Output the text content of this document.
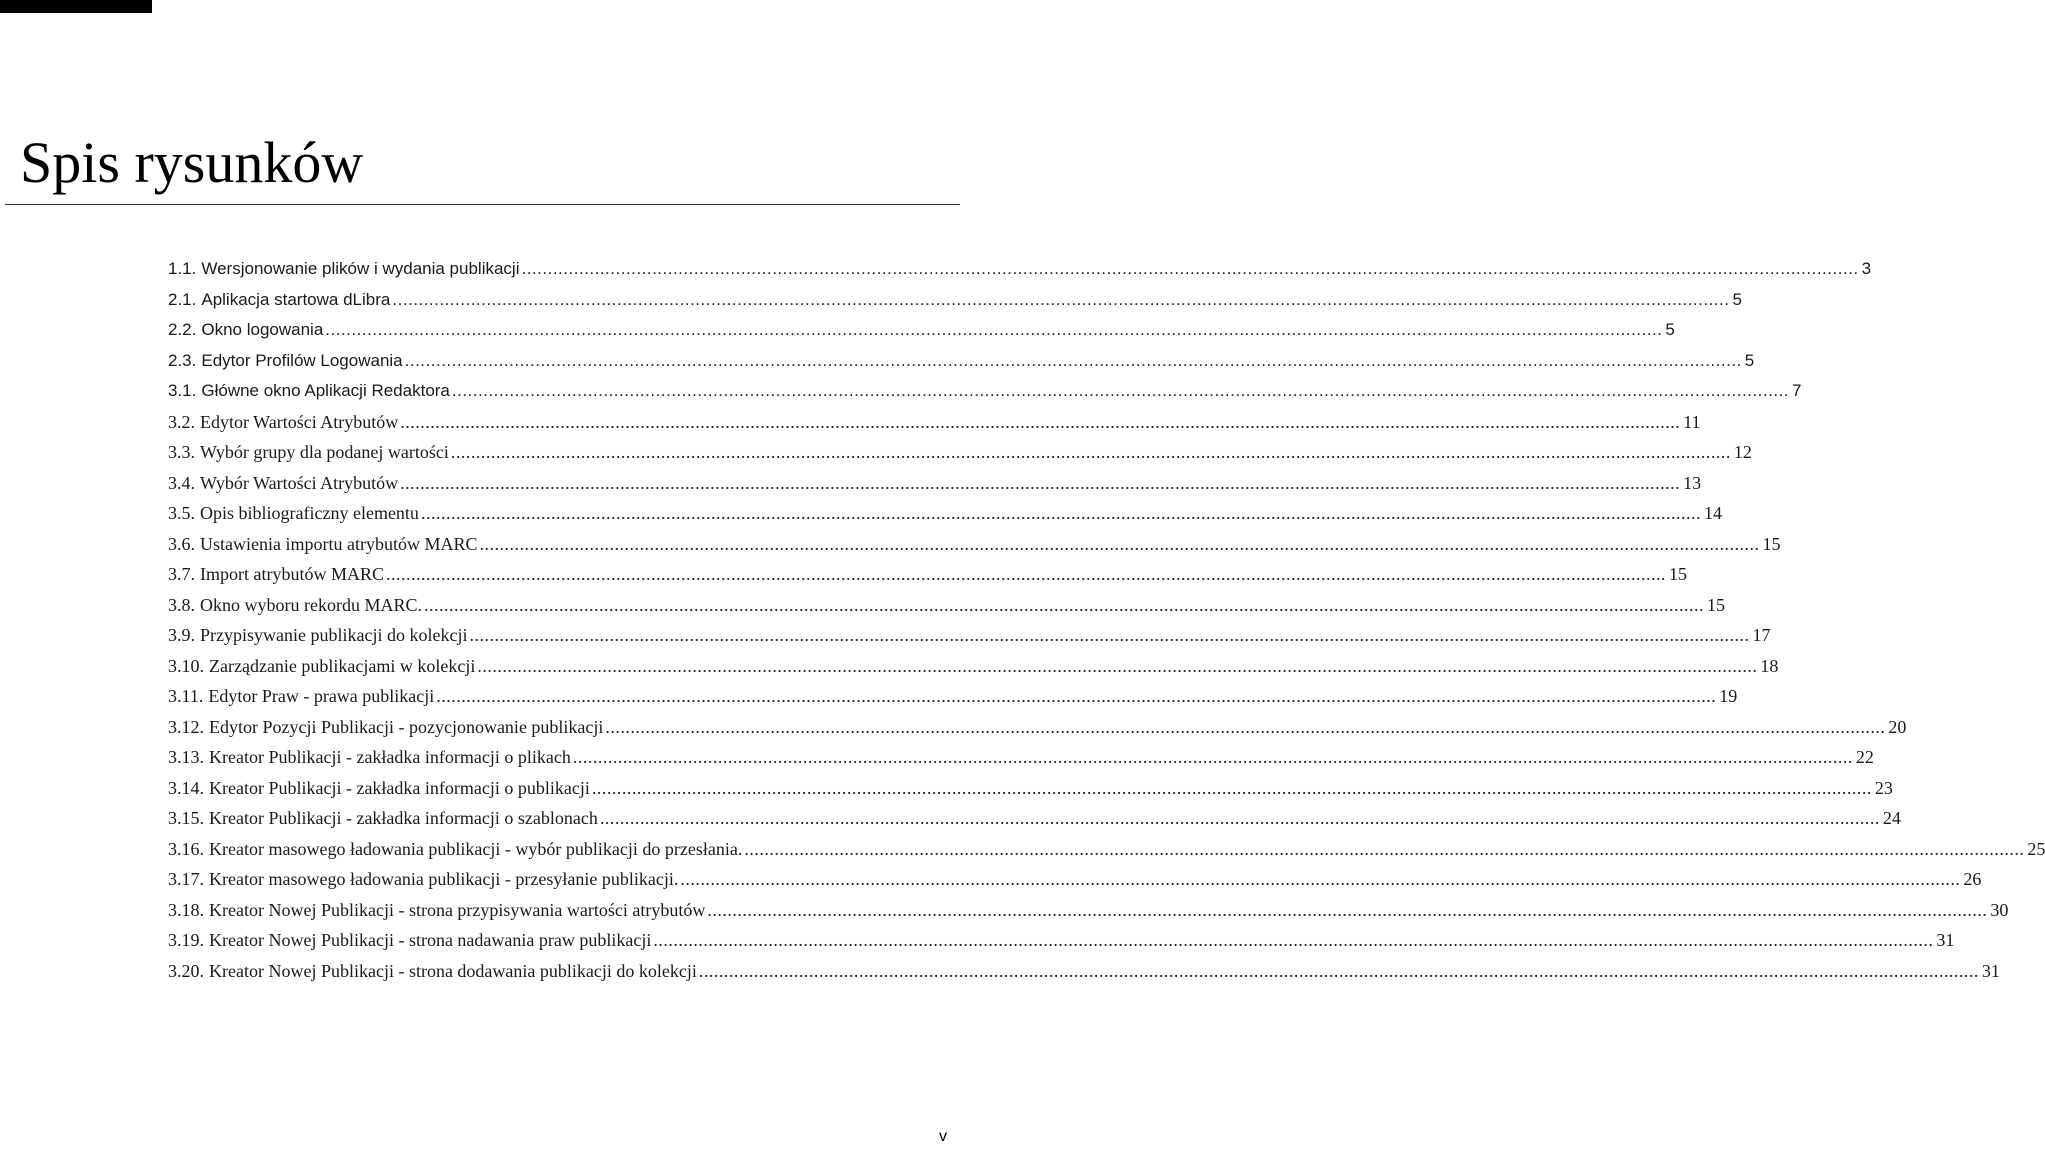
Spis rysunków
1.1. Wersjonowanie plików i wydania publikacji .....	3
2.1. Aplikacja startowa dLibra .....	5
2.2. Okno logowania .....	5
2.3. Edytor Profilów Logowania .....	5
3.1. Główne okno Aplikacji Redaktora .....	7
3.2. Edytor Wartości Atrybutów .....	11
3.3. Wybór grupy dla podanej wartości .....	12
3.4. Wybór Wartości Atrybutów .....	13
3.5. Opis bibliograficzny elementu .....	14
3.6. Ustawienia importu atrybutów MARC .....	15
3.7. Import atrybutów MARC .....	15
3.8. Okno wyboru rekordu MARC. .....	15
3.9. Przypisywanie publikacji do kolekcji .....	17
3.10. Zarządzanie publikacjami w kolekcji .....	18
3.11. Edytor Praw - prawa publikacji .....	19
3.12. Edytor Pozycji Publikacji - pozycjonowanie publikacji .....	20
3.13. Kreator Publikacji - zakładka informacji o plikach .....	22
3.14. Kreator Publikacji - zakładka informacji o publikacji .....	23
3.15. Kreator Publikacji - zakładka informacji o szablonach .....	24
3.16. Kreator masowego ładowania publikacji - wybór publikacji do przesłania. .....	25
3.17. Kreator masowego ładowania publikacji - przesyłanie publikacji. .....	26
3.18. Kreator Nowej Publikacji - strona przypisywania wartości atrybutów .....	30
3.19. Kreator Nowej Publikacji - strona nadawania praw publikacji .....	31
3.20. Kreator Nowej Publikacji - strona dodawania publikacji do kolekcji .....	31
v
